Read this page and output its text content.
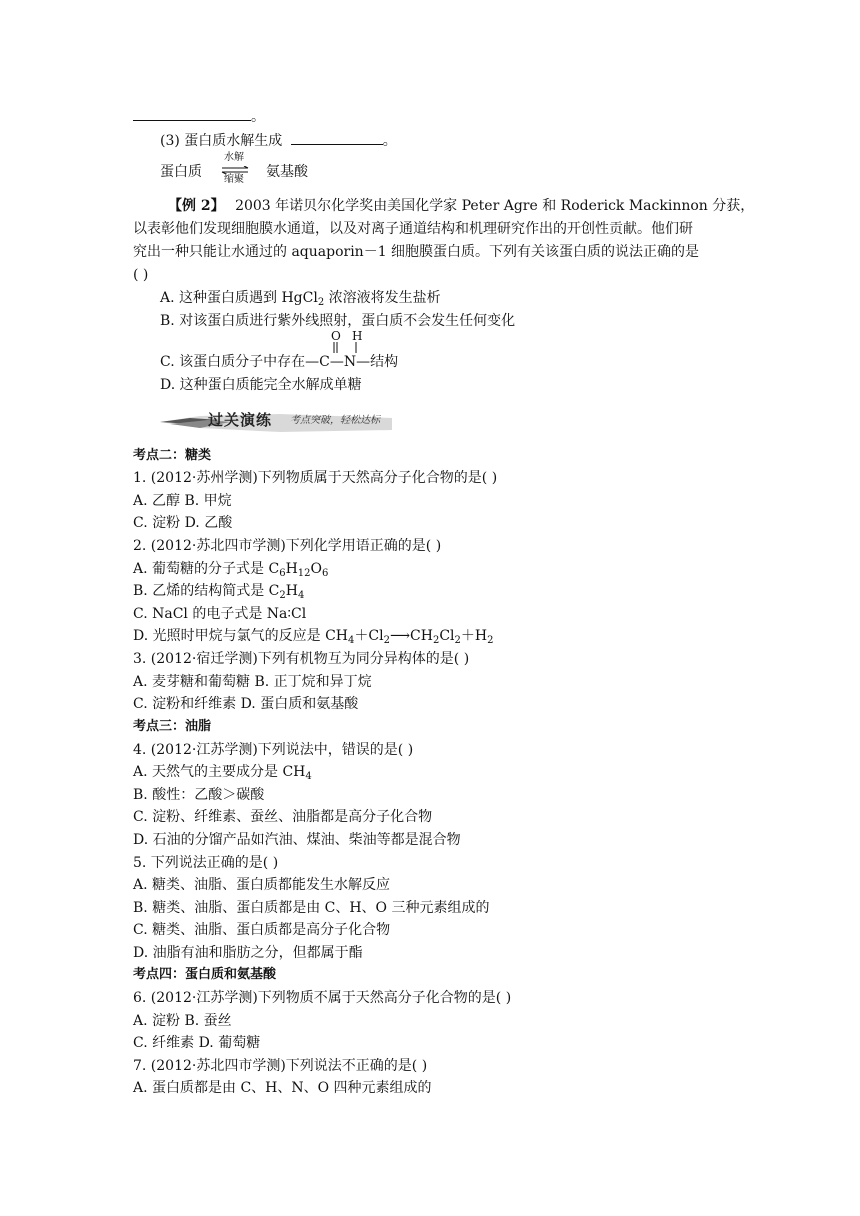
。
(3) 蛋白质水解生成	。
蛋白质
水解
缩聚 氨基酸
【例 2】 2003 年诺贝尔化学奖由美国化学家 Peter Agre 和 Roderick Mackinnon 分获，
以表彰他们发现细胞膜水通道，以及对离子通道结构和机理研究作出的开创性贡献。他们研
究出一种只能让水通过的 aquaporin－1 细胞膜蛋白质。下列有关该蛋白质的说法正确的是
( )
A. 这种蛋白质遇到 HgCl$_2$ 浓溶液将发生盐析
B. 对该蛋白质进行紫外线照射，蛋白质不会发生任何变化
O H
C. 该蛋白质分子中存在—C—N—结构
D. 这种蛋白质能完全水解成单糖
过关演练 考点突破，轻松达标
考点二：糖类
1. (2012·苏州学测)下列物质属于天然高分子化合物的是( )
A. 乙醇 B. 甲烷
C. 淀粉 D. 乙酸
2. (2012·苏北四市学测)下列化学用语正确的是( )
A. 葡萄糖的分子式是 $C_6H_{12}O_6$
B. 乙烯的结构简式是 $C_2H_4$
C. NaCl 的电子式是 Na∶Cl
D. 光照时甲烷与氯气的反应是 $CH_4+Cl_2⟶CH_2Cl_2+H_2$
3. (2012·宿迁学测)下列有机物互为同分异构体的是( )
A. 麦芽糖和葡萄糖 B. 正丁烷和异丁烷
C. 淀粉和纤维素 D. 蛋白质和氨基酸
考点三：油脂
4. (2012·江苏学测)下列说法中，错误的是( )
A. 天然气的主要成分是 $CH_4$
B. 酸性：乙酸＞碳酸
C. 淀粉、纤维素、蚕丝、油脂都是高分子化合物
D. 石油的分馏产品如汽油、煤油、柴油等都是混合物
5. 下列说法正确的是( )
A. 糖类、油脂、蛋白质都能发生水解反应
B. 糖类、油脂、蛋白质都是由 C、H、O 三种元素组成的
C. 糖类、油脂、蛋白质都是高分子化合物
D. 油脂有油和脂肪之分，但都属于酯
考点四：蛋白质和氨基酸
6. (2012·江苏学测)下列物质不属于天然高分子化合物的是( )
A. 淀粉 B. 蚕丝
C. 纤维素 D. 葡萄糖
7. (2012·苏北四市学测)下列说法不正确的是( )
A. 蛋白质都是由 C、H、N、O 四种元素组成的
